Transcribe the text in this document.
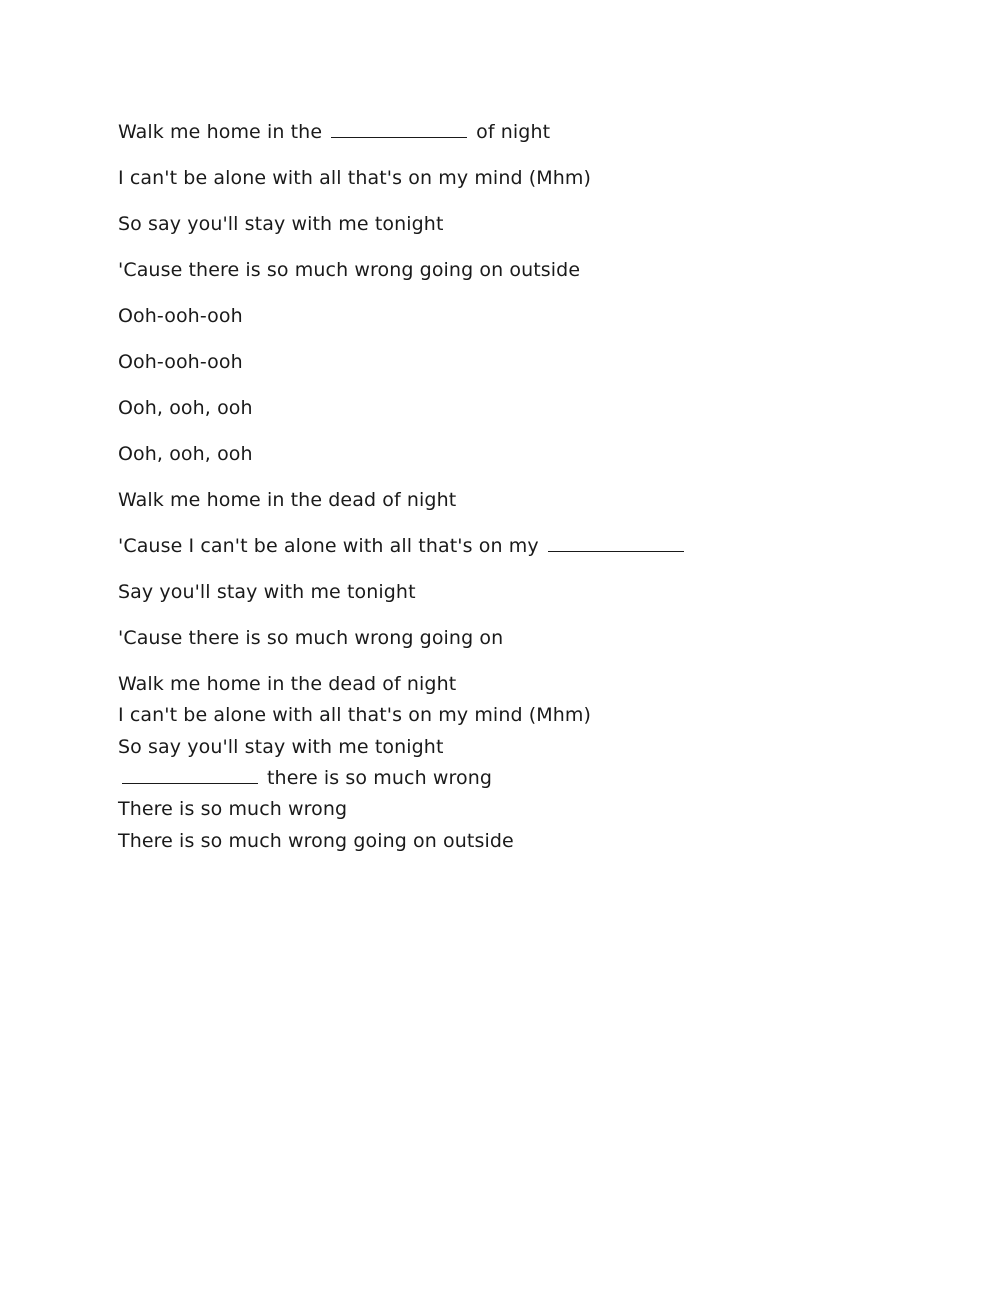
Walk me home in the	of night
I can't be alone with all that's on my mind (Mhm)
So say you'll stay with me tonight
'Cause there is so much wrong going on outside
Ooh-ooh-ooh
Ooh-ooh-ooh
Ooh, ooh, ooh
Ooh, ooh, ooh
Walk me home in the dead of night
'Cause I can't be alone with all that's on my
Say you'll stay with me tonight
'Cause there is so much wrong going on
Walk me home in the dead of night
I can't be alone with all that's on my mind (Mhm)
So say you'll stay with me tonight
there is so much wrong
There is so much wrong
There is so much wrong going on outside
